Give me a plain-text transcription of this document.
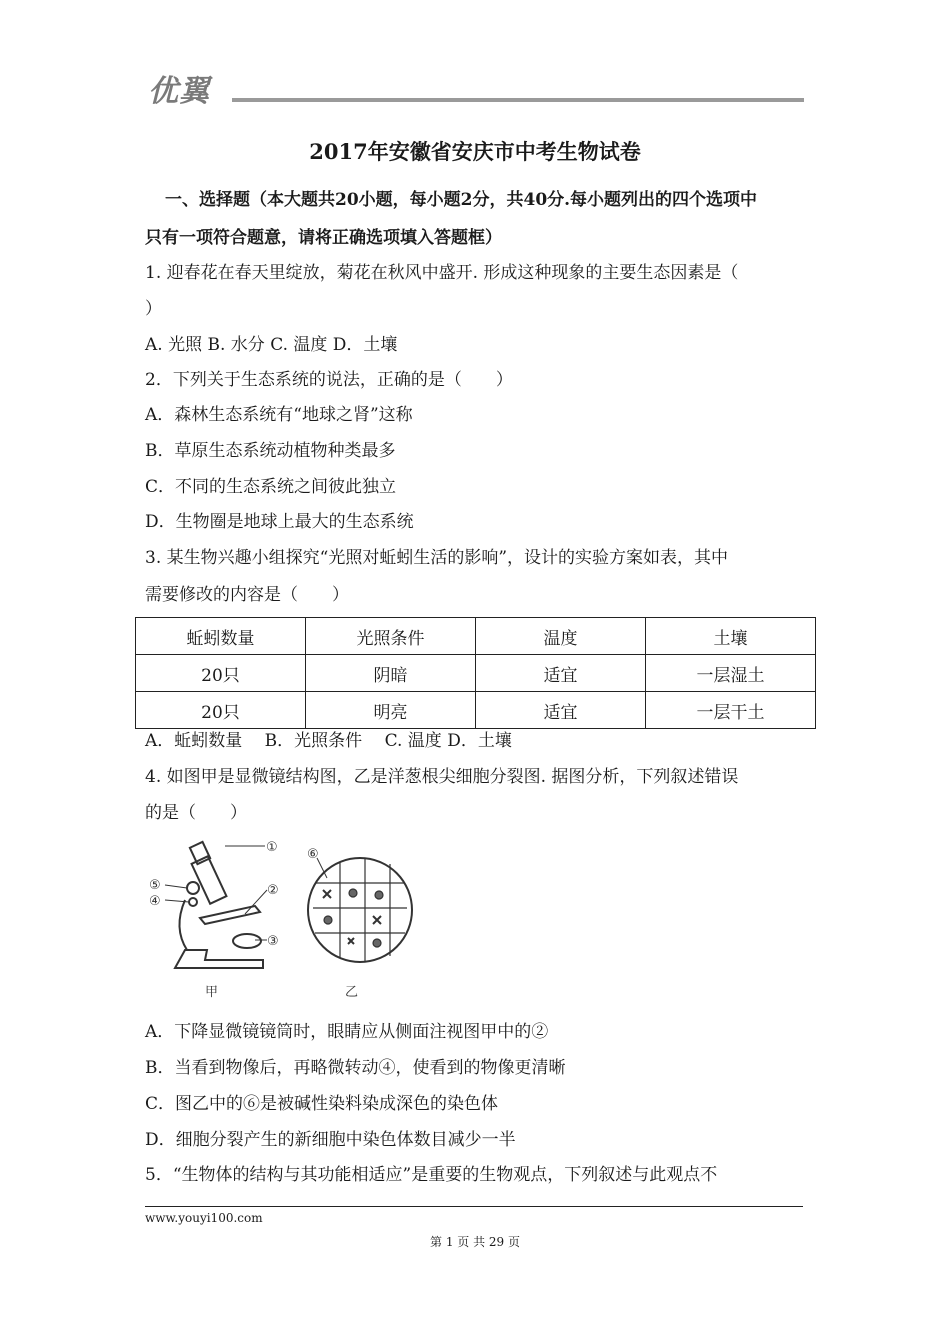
优翼
2017年安徽省安庆市中考生物试卷
一、选择题（本大题共20小题，每小题2分，共40分.每小题列出的四个选项中
只有一项符合题意，请将正确选项填入答题框）
1. 迎春花在春天里绽放，菊花在秋风中盛开. 形成这种现象的主要生态因素是（
）
A. 光照 B. 水分 C. 温度 D．土壤
2．下列关于生态系统的说法，正确的是（　　）
A．森林生态系统有“地球之肾”这称
B．草原生态系统动植物种类最多
C．不同的生态系统之间彼此独立
D．生物圈是地球上最大的生态系统
3. 某生物兴趣小组探究“光照对蚯蚓生活的影响”，设计的实验方案如表，其中
需要修改的内容是（　　）
蚯蚓数量	光照条件	温度	土壤
20只	阴暗	适宜	一层湿土
20只	明亮	适宜	一层干土
A．蚯蚓数量　 B．光照条件　 C. 温度 D．土壤
4. 如图甲是显微镜结构图，乙是洋葱根尖细胞分裂图. 据图分析，下列叙述错误
的是（　　）
①
②
③
④
⑤
⑥
甲	乙
A．下降显微镜镜筒时，眼睛应从侧面注视图甲中的②
B．当看到物像后，再略微转动④，使看到的物像更清晰
C．图乙中的⑥是被碱性染料染成深色的染色体
D．细胞分裂产生的新细胞中染色体数目减少一半
5．“生物体的结构与其功能相适应”是重要的生物观点，下列叙述与此观点不
www.youyi100.com
第 1 页 共 29 页
